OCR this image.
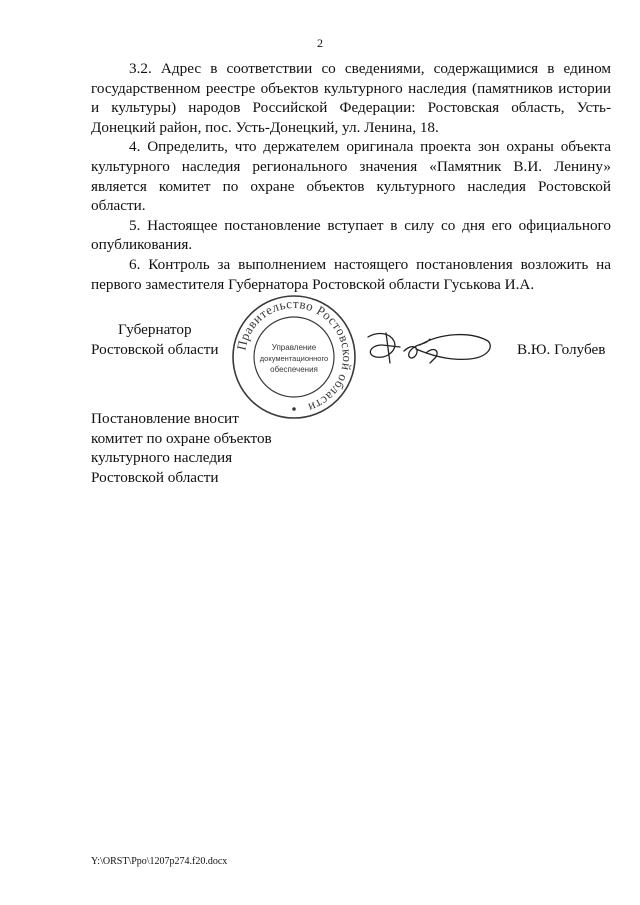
2

3.2. Адрес в соответствии со сведениями, содержащимися в едином государственном реестре объектов культурного наследия (памятников истории и культуры) народов Российской Федерации: Ростовская область, Усть-Донецкий район, пос. Усть-Донецкий, ул. Ленина, 18.

4. Определить, что держателем оригинала проекта зон охраны объекта культурного наследия регионального значения «Памятник В.И. Ленину» является комитет по охране объектов культурного наследия Ростовской области.

5. Настоящее постановление вступает в силу со дня его официального опубликования.

6. Контроль за выполнением настоящего постановления возложить на первого заместителя Губернатора Ростовской области Гуськова И.А.

Губернатор
Ростовской области Правительство Ростовской области
Управление
документационного
обеспечения
В.Ю. Голубев
Постановление вносит
комитет по охране объектов
культурного наследия
Ростовской области
Y:\ORST\Ppo\1207p274.f20.docx
